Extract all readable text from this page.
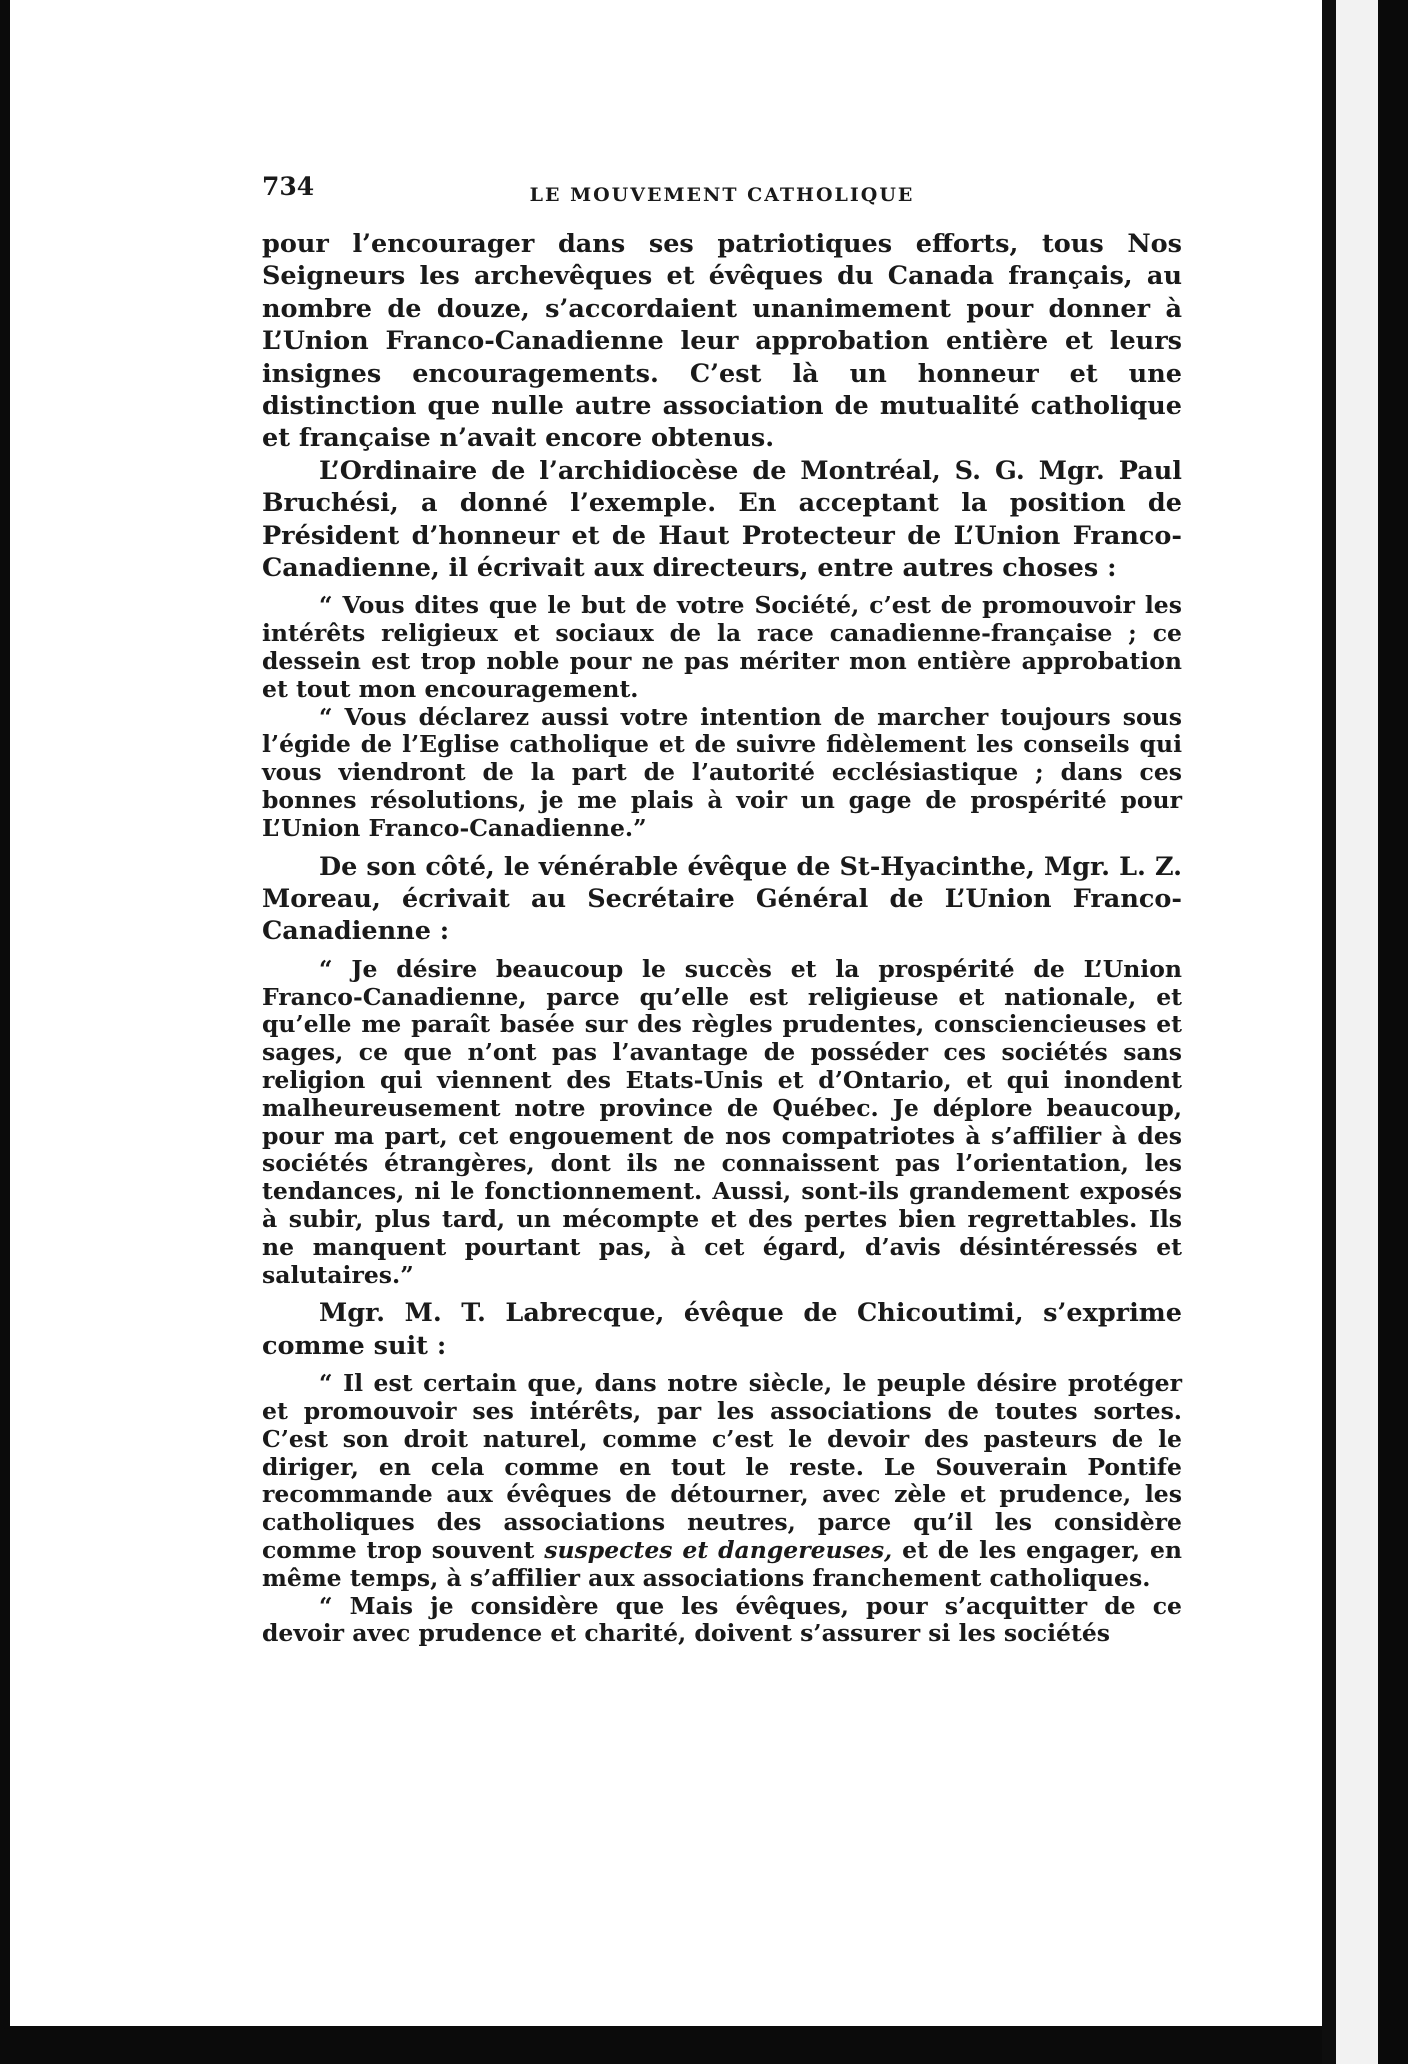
734	LE MOUVEMENT CATHOLIQUE

pour l’encourager dans ses patriotiques efforts, tous Nos Seigneurs les archevêques et évêques du Canada français, au nombre de douze, s’accordaient unanimement pour donner à L’Union Franco-Canadienne leur approbation entière et leurs insignes encouragements. C’est là un honneur et une distinction que nulle autre association de mutualité catholique et française n’avait encore obtenus.

L’Ordinaire de l’archidiocèse de Montréal, S. G. Mgr. Paul Bruchési, a donné l’exemple. En acceptant la position de Président d’honneur et de Haut Protecteur de L’Union Franco-Canadienne, il écrivait aux directeurs, entre autres choses :

“ Vous dites que le but de votre Société, c’est de promouvoir les intérêts religieux et sociaux de la race canadienne-française ; ce dessein est trop noble pour ne pas mériter mon entière approbation et tout mon encouragement.

“ Vous déclarez aussi votre intention de marcher toujours sous l’égide de l’Eglise catholique et de suivre fidèlement les conseils qui vous viendront de la part de l’autorité ecclésiastique ; dans ces bonnes résolutions, je me plais à voir un gage de prospérité pour L’Union Franco-Canadienne.”

De son côté, le vénérable évêque de St-Hyacinthe, Mgr. L. Z. Moreau, écrivait au Secrétaire Général de L’Union Franco-Canadienne :

“ Je désire beaucoup le succès et la prospérité de L’Union Franco-Canadienne, parce qu’elle est religieuse et nationale, et qu’elle me paraît basée sur des règles prudentes, consciencieuses et sages, ce que n’ont pas l’avantage de posséder ces sociétés sans religion qui viennent des Etats-Unis et d’Ontario, et qui inondent malheureusement notre province de Québec. Je déplore beaucoup, pour ma part, cet engouement de nos compatriotes à s’affilier à des sociétés étrangères, dont ils ne connaissent pas l’orientation, les tendances, ni le fonctionnement. Aussi, sont-ils grandement exposés à subir, plus tard, un mécompte et des pertes bien regrettables. Ils ne manquent pourtant pas, à cet égard, d’avis désintéressés et salutaires.”

Mgr. M. T. Labrecque, évêque de Chicoutimi, s’exprime comme suit :

“ Il est certain que, dans notre siècle, le peuple désire protéger et promouvoir ses intérêts, par les associations de toutes sortes. C’est son droit naturel, comme c’est le devoir des pasteurs de le diriger, en cela comme en tout le reste. Le Souverain Pontife recommande aux évêques de détourner, avec zèle et prudence, les catholiques des associations neutres, parce qu’il les considère comme trop souvent suspectes et dangereuses, et de les engager, en même temps, à s’affilier aux associations franchement catholiques.

“ Mais je considère que les évêques, pour s’acquitter de ce devoir avec prudence et charité, doivent s’assurer si les sociétés
